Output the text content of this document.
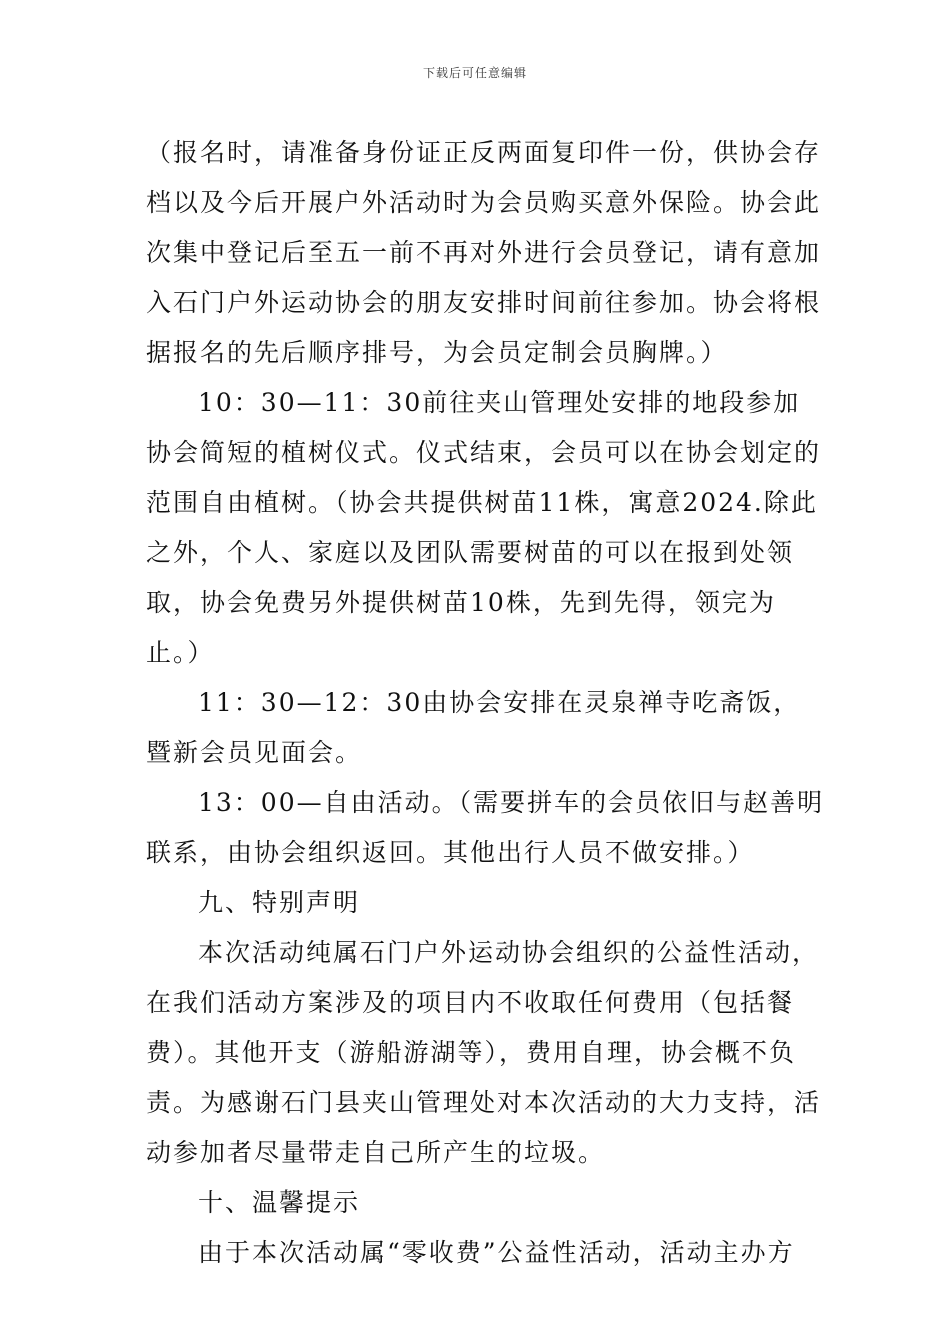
下载后可任意编辑

（报名时，请准备身份证正反两面复印件一份，供协会存档以及今后开展户外活动时为会员购买意外保险。协会此次集中登记后至五一前不再对外进行会员登记，请有意加入石门户外运动协会的朋友安排时间前往参加。协会将根据报名的先后顺序排号，为会员定制会员胸牌。）

10：30—11：30前往夹山管理处安排的地段参加协会简短的植树仪式。仪式结束，会员可以在协会划定的范围自由植树。（协会共提供树苗11株，寓意2024.除此之外，个人、家庭以及团队需要树苗的可以在报到处领取，协会免费另外提供树苗10株，先到先得，领完为止。）

11：30—12：30由协会安排在灵泉禅寺吃斋饭，暨新会员见面会。

13：00—自由活动。（需要拼车的会员依旧与赵善明联系，由协会组织返回。其他出行人员不做安排。）

九、特别声明

本次活动纯属石门户外运动协会组织的公益性活动，在我们活动方案涉及的项目内不收取任何费用（包括餐费）。其他开支（游船游湖等），费用自理，协会概不负责。为感谢石门县夹山管理处对本次活动的大力支持，活动参加者尽量带走自己所产生的垃圾。

十、温馨提示

由于本次活动属“零收费”公益性活动，活动主办方
